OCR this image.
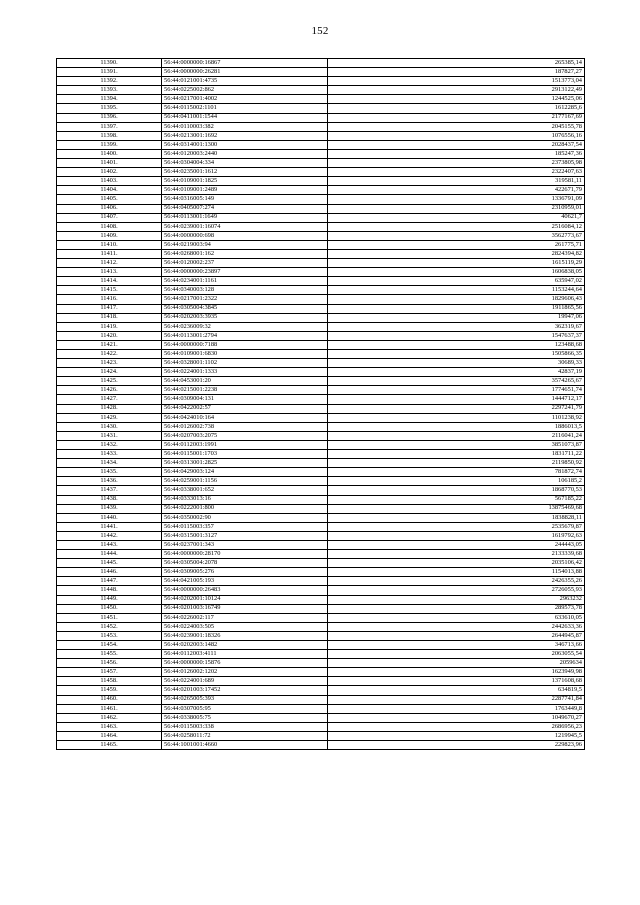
152
11390.	56:44:0000000:16867	265385,14
11391.	56:44:0000000:26281	187827,27
11392.	56:44:0121001:4735	1513773,04
11393.	56:44:0225002:862	2913122,49
11394.	56:44:0217001:4002	1244525,06
11395.	56:44:0115002:1101	1612285,6
11396.	56:44:0411001:1544	2177167,69
11397.	56:44:0110003:382	2045155,78
11398.	56:44:0213001:1692	1076556,16
11399.	56:44:0314001:1300	2028437,54
11400.	56:44:0120003:2440	185247,36
11401.	56:44:0304004:334	2373805,98
11402.	56:44:0235001:1612	2322407,63
11403.	56:44:0109001:1825	319581,11
11404.	56:44:0109001:2489	422671,79
11405.	56:44:0316005:149	1336791,09
11406.	56:44:0405007:274	2310959,01
11407.	56:44:0113001:1649	40621,7
11408.	56:44:0239001:16074	2516084,12
11409.	56:44:0000000:698	3562773,67
11410.	56:44:0219003:94	261775,71
11411.	56:44:0268001:162	2824394,82
11412.	56:44:0120002:237	1615119,29
11413.	56:44:0000000:23897	1606838,05
11414.	56:44:0234001:1161	635947,02
11415.	56:44:0340003:128	1153244,64
11416.	56:44:0217001:2322	1829606,43
11417.	56:44:0305004:3845	1911865,56
11418.	56:44:0202003:3935	19947,06
11419.	56:44:0236009:32	362319,67
11420.	56:44:0113001:2794	1547637,37
11421.	56:44:0000000:7188	123488,68
11422.	56:44:0109001:6830	1505866,35
11423.	56:44:0328001:1102	30689,33
11424.	56:44:0224001:1333	42837,19
11425.	56:44:0453001:20	3574265,67
11426.	56:44:0215001:2238	1774651,74
11427.	56:44:0309004:131	1444712,17
11428.	56:44:0422002:57	2297241,79
11429.	56:44:0424010:164	1101238,92
11430.	56:44:0126002:738	1886013,5
11431.	56:44:0207003:2075	2116041,24
11432.	56:44:0112003:1991	3851073,87
11433.	56:44:0115001:1703	1831711,22
11434.	56:44:0313001:2825	2119850,92
11435.	56:44:0429003:124	781872,74
11436.	56:44:0259001:1156	106185,2
11437.	56:44:0338001:652	1868770,53
11438.	56:44:0333013:16	567185,22
11439.	56:44:0222001:800	13875469,68
11440.	56:44:0350002:90	1838828,11
11441.	56:44:0115003:357	2535679,87
11442.	56:44:0315001:3127	1619792,63
11443.	56:44:0237001:343	244443,05
11444.	56:44:0000000:28170	2133339,68
11445.	56:44:0305004:2078	2035106,42
11446.	56:44:0309005:276	1154013,88
11447.	56:44:0421005:193	2426355,26
11448.	56:44:0000000:26483	2726055,93
11449.	56:44:0202001:10124	2963232
11450.	56:44:0201003:16749	289573,78
11451.	56:44:0226002:117	633610,05
11452.	56:44:0224003:505	2442633,36
11453.	56:44:0239001:18326	2644945,87
11454.	56:44:0202003:1482	346713,66
11455.	56:44:0112003:4111	2063055,54
11456.	56:44:0000000:15876	2059634
11457.	56:44:0126002:1202	1623949,98
11458.	56:44:0224001:689	1371608,68
11459.	56:44:0201003:17452	634819,5
11460.	56:44:0265005:393	2287741,84
11461.	56:44:0307005:95	1763449,8
11462.	56:44:0338005:75	1049670,27
11463.	56:44:0115003:338	2686956,23
11464.	56:44:0258011:72	1219945,5
11465.	56:44:1001001:4660	229823,96
